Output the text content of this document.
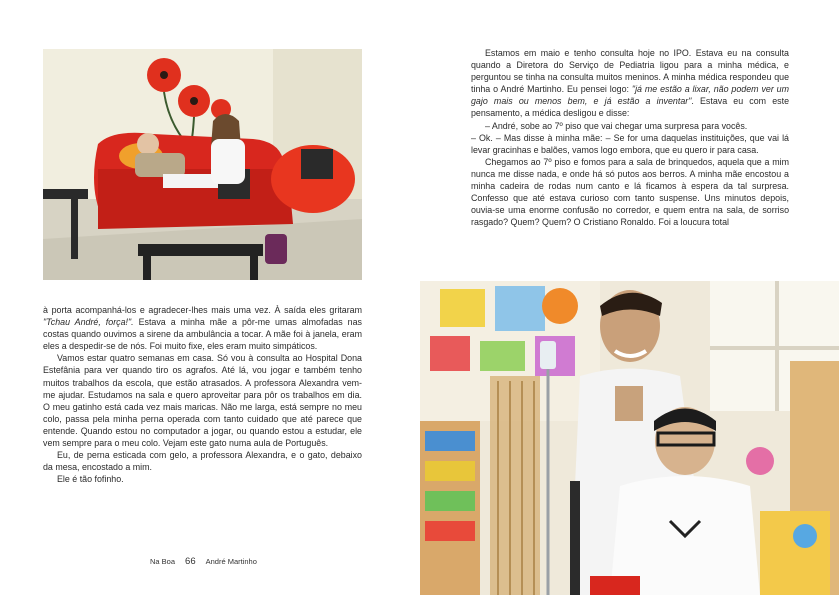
à porta acompanhá-los e agradecer-lhes mais uma vez. À saída eles gritaram "Tchau André, força!". Estava a minha mãe a pôr-me umas almofadas nas costas quando ouvimos a sirene da ambulância a tocar. A mãe foi à janela, eram eles a despedir-se de nós. Foi muito fixe, eles eram muito simpáticos.

Vamos estar quatro semanas em casa. Só vou à consulta ao Hospital Dona Estefânia para ver quando tiro os agrafos. Até lá, vou jogar e também tenho muitos trabalhos da escola, que estão atrasados. A professora Alexandra vem-me ajudar. Estudamos na sala e quero aproveitar para pôr os trabalhos em dia. O meu gatinho está cada vez mais maricas. Não me larga, está sempre no meu colo, passa pela minha perna operada com tanto cuidado que até parece que entende. Quando estou no computador a jogar, ou quando estou a estudar, ele vem sempre para o meu colo. Vejam este gato numa aula de Português.

Eu, de perna esticada com gelo, a professora Alexandra, e o gato, debaixo da mesa, encostado a mim.

Ele é tão fofinho.

Na Boa 66 André Martinho

Estamos em maio e tenho consulta hoje no IPO. Estava eu na consulta quando a Diretora do Serviço de Pediatria ligou para a minha médica, e perguntou se tinha na consulta muitos meninos. A minha médica respondeu que tinha o André Martinho. Eu pensei logo: "já me estão a lixar, não podem ver um gajo mais ou menos bem, e já estão a inventar". Estava eu com este pensamento, a médica desligou e disse:

– André, sobe ao 7º piso que vai chegar uma surpresa para vocês.

– Ok. – Mas disse à minha mãe: – Se for uma daquelas instituições, que vai lá levar gracinhas e balões, vamos logo embora, que eu quero ir para casa.

Chegamos ao 7º piso e fomos para a sala de brinquedos, aquela que a mim nunca me disse nada, e onde há só putos aos berros. A minha mãe encostou a minha cadeira de rodas num canto e lá ficamos à espera da tal surpresa. Confesso que até estava curioso com tanto suspense. Uns minutos depois, ouvia-se uma enorme confusão no corredor, e quem entra na sala, de sorriso rasgado? Quem? Quem? O Cristiano Ronaldo. Foi a loucura total
